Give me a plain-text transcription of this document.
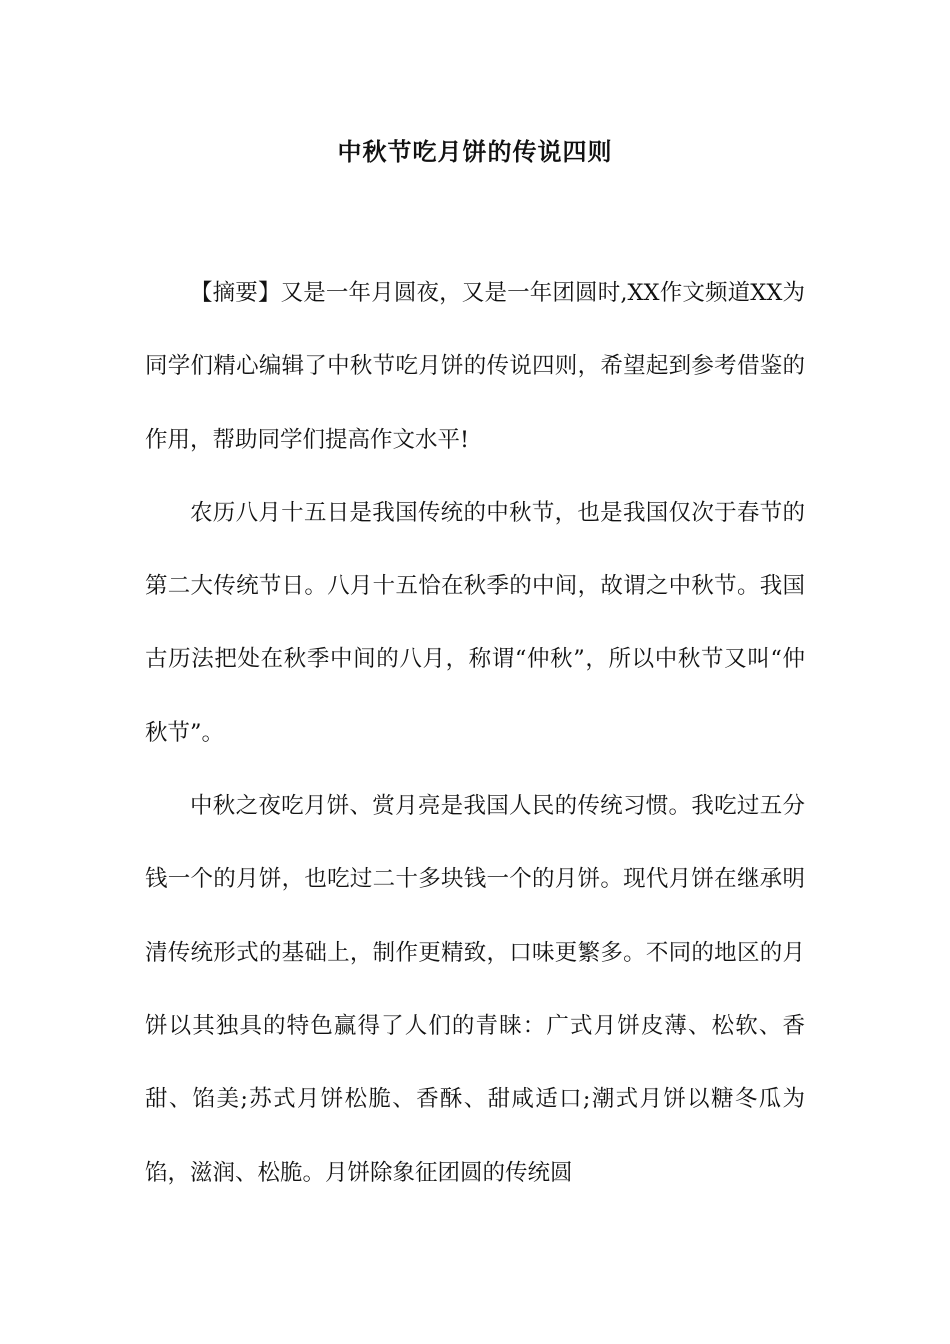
中秋节吃月饼的传说四则

【摘要】又是一年月圆夜，又是一年团圆时,XX作文频道XX为同学们精心编辑了中秋节吃月饼的传说四则，希望起到参考借鉴的作用，帮助同学们提高作文水平!

农历八月十五日是我国传统的中秋节，也是我国仅次于春节的第二大传统节日。八月十五恰在秋季的中间，故谓之中秋节。我国古历法把处在秋季中间的八月，称谓“仲秋”，所以中秋节又叫“仲秋节”。

中秋之夜吃月饼、赏月亮是我国人民的传统习惯。我吃过五分钱一个的月饼，也吃过二十多块钱一个的月饼。现代月饼在继承明清传统形式的基础上，制作更精致，口味更繁多。不同的地区的月饼以其独具的特色赢得了人们的青睐：广式月饼皮薄、松软、香甜、馅美;苏式月饼松脆、香酥、甜咸适口;潮式月饼以糖冬瓜为馅，滋润、松脆。月饼除象征团圆的传统圆
